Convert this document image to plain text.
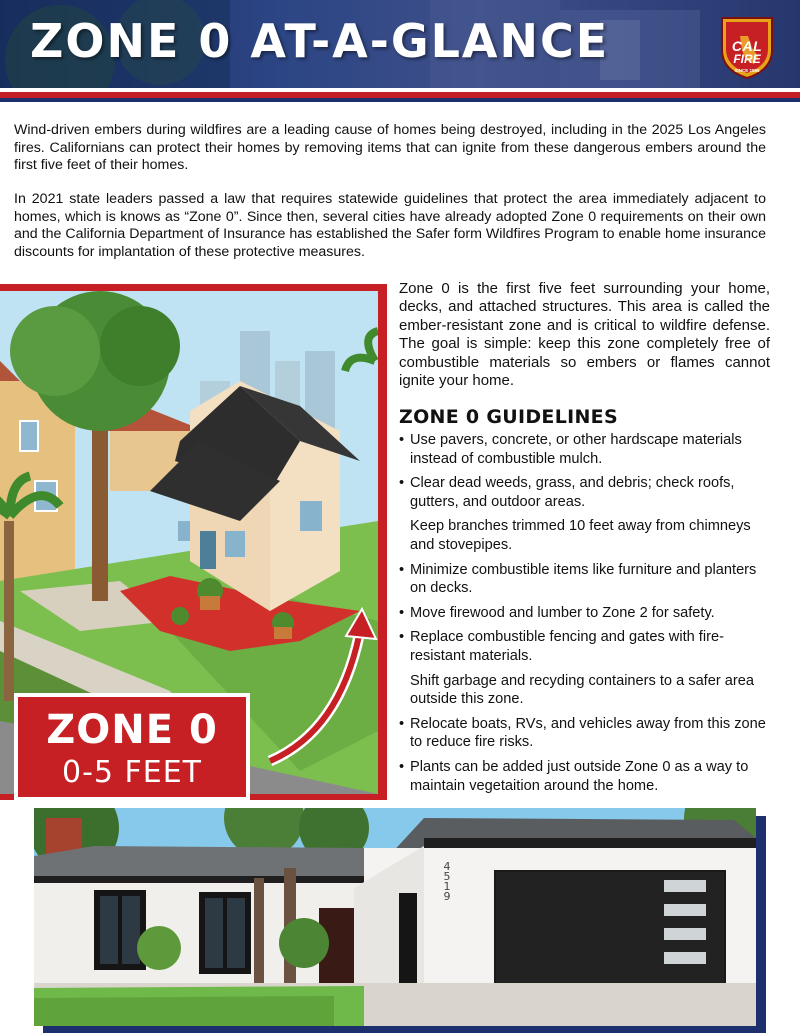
ZONE 0 AT-A-GLANCE	CAL
FIRE
SINCE 1885

Wind-driven embers during wildfires are a leading cause of homes being destroyed, including in the 2025 Los Angeles fires. Californians can protect their homes by removing items that can ignite from these dangerous embers around the first five feet of their homes.

In 2021 state leaders passed a law that requires statewide guidelines that protect the area immediately adjacent to homes, which is knows as “Zone 0”. Since then, several cities have already adopted Zone 0 requirements on their own and the California Department of Insurance has established the Safer form Wildfires Program to enable home insurance discounts for implantation of these protective measures.

ZONE 0
0-5 FEET

Zone 0 is the first five feet surrounding your home, decks, and attached structures. This area is called the ember-resistant zone and is critical to wildfire defense. The goal is simple: keep this zone completely free of combustible materials so embers or flames cannot ignite your home.

ZONE 0 GUIDELINES
• Use pavers, concrete, or other hardscape materials instead of combustible mulch.
• Clear dead weeds, grass, and debris; check roofs, gutters, and outdoor areas.
Keep branches trimmed 10 feet away from chimneys and stovepipes.
• Minimize combustible items like furniture and planters on decks.
• Move firewood and lumber to Zone 2 for safety.
• Replace combustible fencing and gates with fire-resistant materials.
Shift garbage and recyding containers to a safer area outside this zone.
• Relocate boats, RVs, and vehicles away from this zone to reduce fire risks.
• Plants can be added just outside Zone 0 as a way to maintain vegetaition around the home.
4
5
1
9
